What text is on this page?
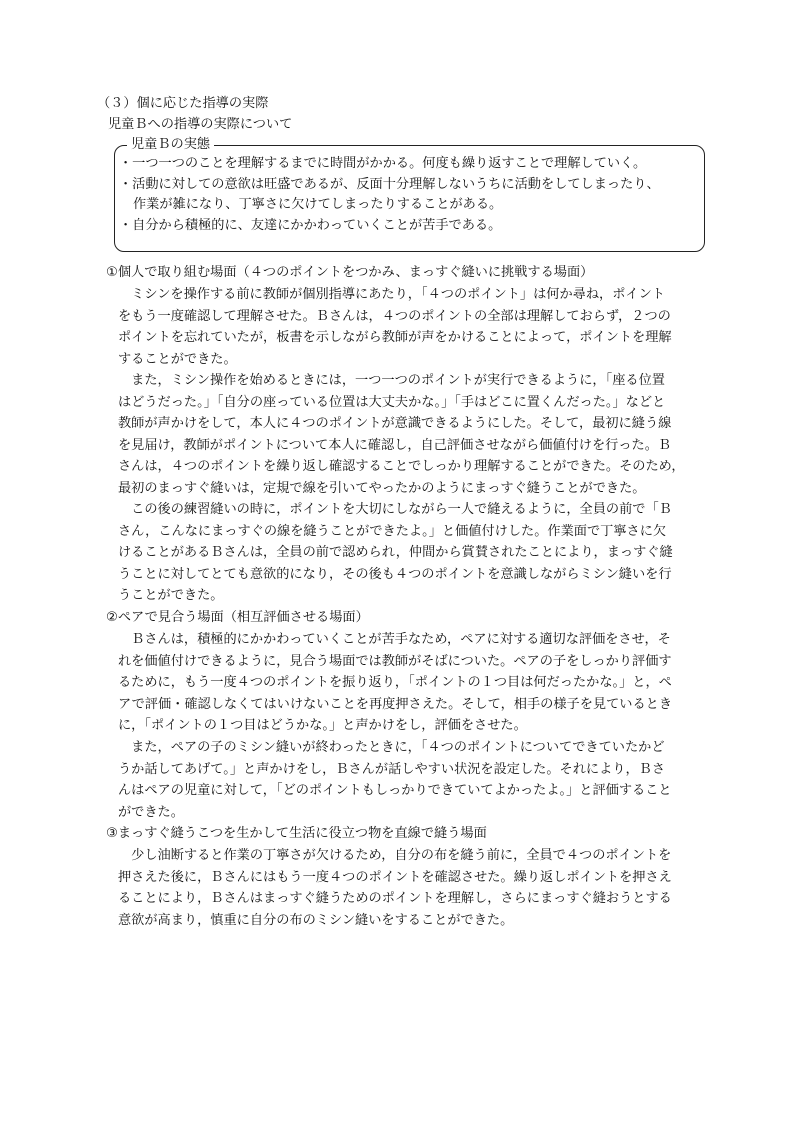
（３）個に応じた指導の実際
児童Ｂへの指導の実際について
児童Ｂの実態
・一つ一つのことを理解するまでに時間がかかる。何度も繰り返すことで理解していく。
・活動に対しての意欲は旺盛であるが、反面十分理解しないうちに活動をしてしまったり、
作業が雑になり、丁寧さに欠けてしまったりすることがある。
・自分から積極的に、友達にかかわっていくことが苦手である。
①個人で取り組む場面（４つのポイントをつかみ、まっすぐ縫いに挑戦する場面）
　ミシンを操作する前に教師が個別指導にあたり，「４つのポイント」は何か尋ね，ポイント
をもう一度確認して理解させた。Ｂさんは，４つのポイントの全部は理解しておらず，２つの
ポイントを忘れていたが，板書を示しながら教師が声をかけることによって，ポイントを理解
することができた。
　また，ミシン操作を始めるときには，一つ一つのポイントが実行できるように，「座る位置
はどうだった。」「自分の座っている位置は大丈夫かな。」「手はどこに置くんだった。」などと
教師が声かけをして，本人に４つのポイントが意識できるようにした。そして，最初に縫う線
を見届け，教師がポイントについて本人に確認し，自己評価させながら価値付けを行った。Ｂ
さんは，４つのポイントを繰り返し確認することでしっかり理解することができた。そのため，
最初のまっすぐ縫いは，定規で線を引いてやったかのようにまっすぐ縫うことができた。
　この後の練習縫いの時に，ポイントを大切にしながら一人で縫えるように，全員の前で「Ｂ
さん，こんなにまっすぐの線を縫うことができたよ。」と価値付けした。作業面で丁寧さに欠
けることがあるＢさんは，全員の前で認められ，仲間から賞賛されたことにより，まっすぐ縫
うことに対してとても意欲的になり，その後も４つのポイントを意識しながらミシン縫いを行
うことができた。
②ペアで見合う場面（相互評価させる場面）
　Ｂさんは，積極的にかかわっていくことが苦手なため，ペアに対する適切な評価をさせ，そ
れを価値付けできるように，見合う場面では教師がそばについた。ペアの子をしっかり評価す
るために，もう一度４つのポイントを振り返り，「ポイントの１つ目は何だったかな。」と，ペ
アで評価・確認しなくてはいけないことを再度押さえた。そして，相手の様子を見ているとき
に，「ポイントの１つ目はどうかな。」と声かけをし，評価をさせた。
　また，ペアの子のミシン縫いが終わったときに，「４つのポイントについてできていたかど
うか話してあげて。」と声かけをし，Ｂさんが話しやすい状況を設定した。それにより，Ｂさ
んはペアの児童に対して，「どのポイントもしっかりできていてよかったよ。」と評価すること
ができた。
③まっすぐ縫うこつを生かして生活に役立つ物を直線で縫う場面
　少し油断すると作業の丁寧さが欠けるため，自分の布を縫う前に，全員で４つのポイントを
押さえた後に，Ｂさんにはもう一度４つのポイントを確認させた。繰り返しポイントを押さえ
ることにより，Ｂさんはまっすぐ縫うためのポイントを理解し，さらにまっすぐ縫おうとする
意欲が高まり，慎重に自分の布のミシン縫いをすることができた。
